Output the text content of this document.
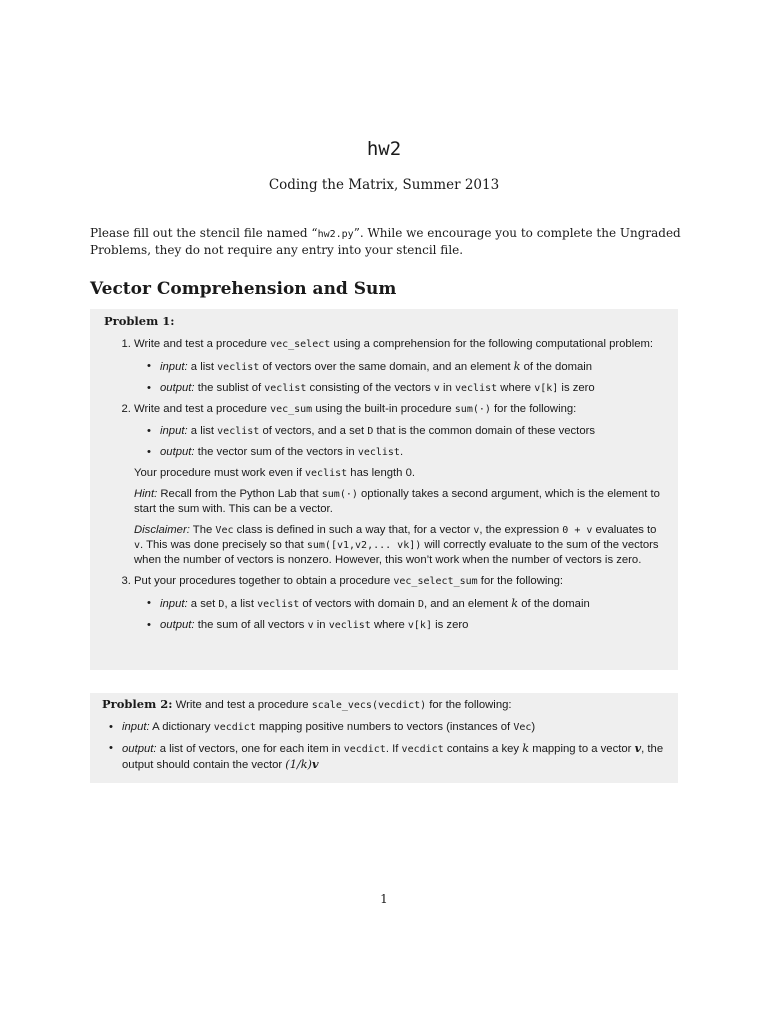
hw2
Coding the Matrix, Summer 2013
Please fill out the stencil file named “hw2.py”. While we encourage you to complete the Ungraded Problems, they do not require any entry into your stencil file.
Vector Comprehension and Sum
Problem 1:
1. Write and test a procedure vec_select using a comprehension for the following computational problem:
• input: a list veclist of vectors over the same domain, and an element k of the domain
• output: the sublist of veclist consisting of the vectors v in veclist where v[k] is zero
2. Write and test a procedure vec_sum using the built-in procedure sum(·) for the following:
• input: a list veclist of vectors, and a set D that is the common domain of these vectors
• output: the vector sum of the vectors in veclist.
Your procedure must work even if veclist has length 0.
Hint: Recall from the Python Lab that sum(·) optionally takes a second argument, which is the element to start the sum with. This can be a vector.
Disclaimer: The Vec class is defined in such a way that, for a vector v, the expression 0 + v evaluates to v. This was done precisely so that sum([v1,v2,... vk]) will correctly evaluate to the sum of the vectors when the number of vectors is nonzero. However, this won’t work when the number of vectors is zero.
3. Put your procedures together to obtain a procedure vec_select_sum for the following:
• input: a set D, a list veclist of vectors with domain D, and an element k of the domain
• output: the sum of all vectors v in veclist where v[k] is zero
Problem 2: Write and test a procedure scale_vecs(vecdict) for the following:
• input: A dictionary vecdict mapping positive numbers to vectors (instances of Vec)
• output: a list of vectors, one for each item in vecdict. If vecdict contains a key k mapping to a vector v, the output should contain the vector (1/k)v
1
